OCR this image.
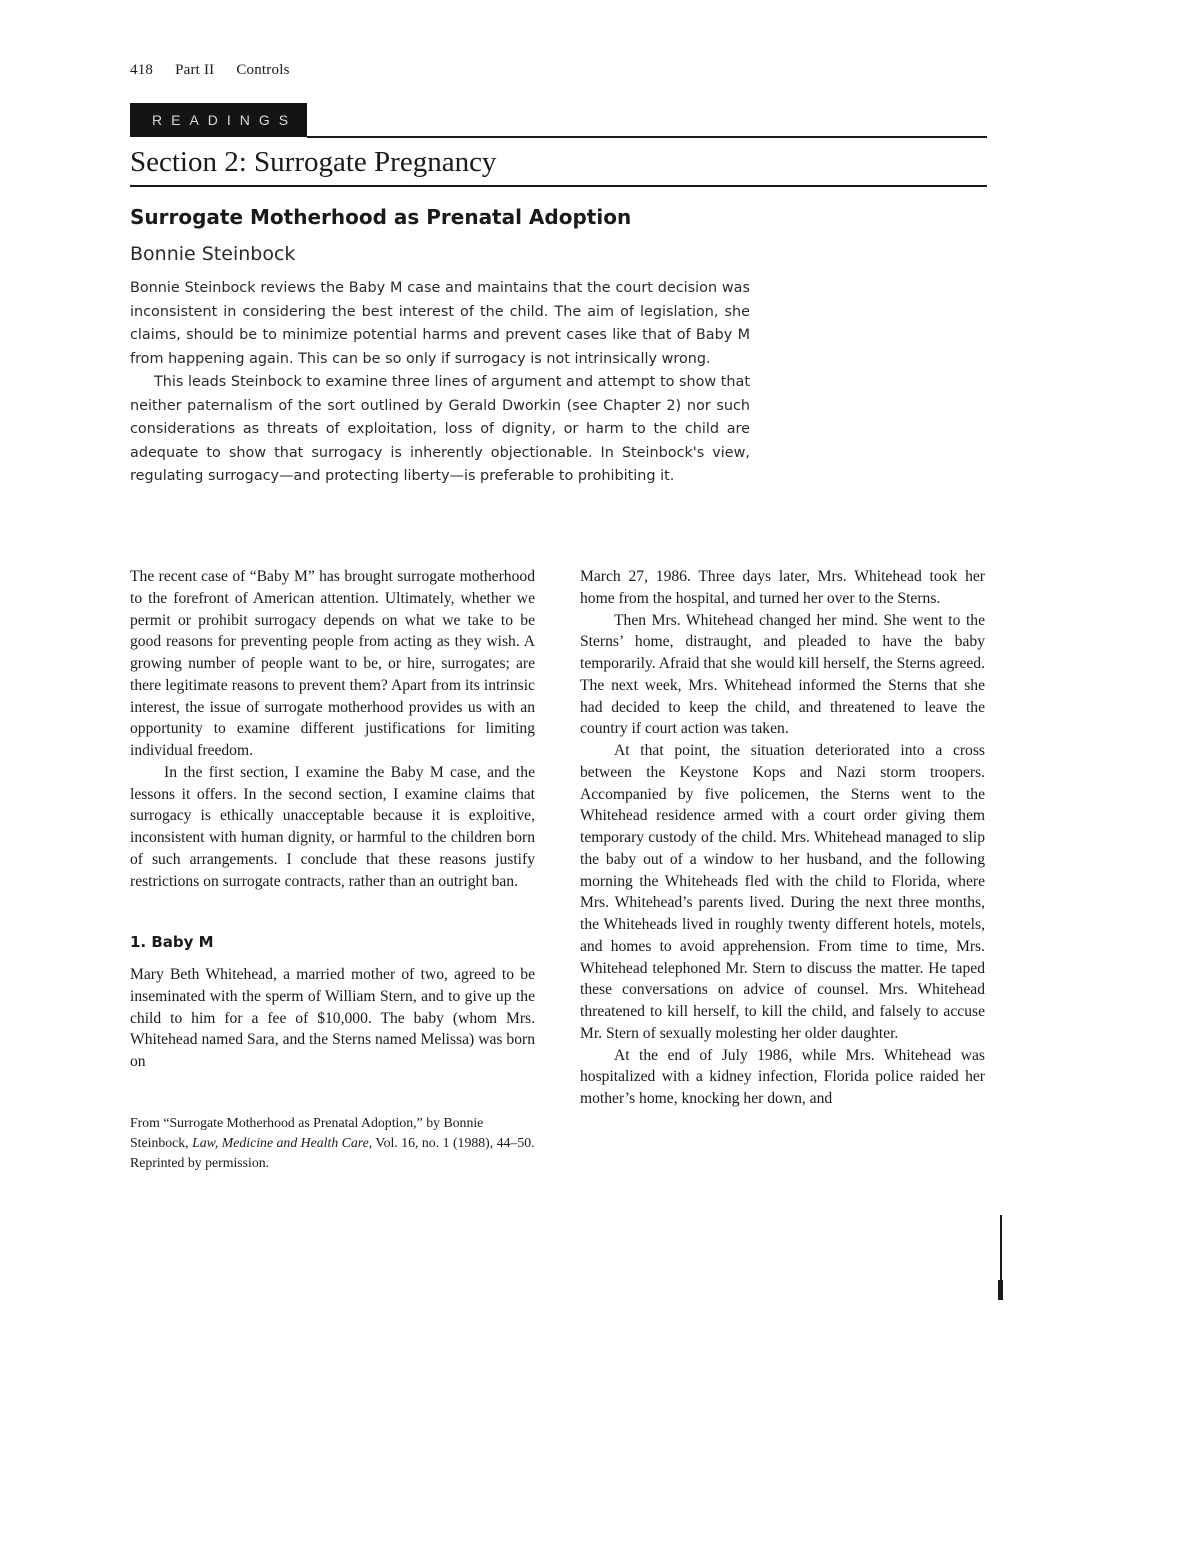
418 Part II Controls
READINGS
Section 2: Surrogate Pregnancy
Surrogate Motherhood as Prenatal Adoption
Bonnie Steinbock

Bonnie Steinbock reviews the Baby M case and maintains that the court decision was inconsistent in considering the best interest of the child. The aim of legislation, she claims, should be to minimize potential harms and prevent cases like that of Baby M from happening again. This can be so only if surrogacy is not intrinsically wrong.

This leads Steinbock to examine three lines of argument and attempt to show that neither paternalism of the sort outlined by Gerald Dworkin (see Chapter 2) nor such considerations as threats of exploitation, loss of dignity, or harm to the child are adequate to show that surrogacy is inherently objectionable. In Steinbock's view, regulating surrogacy—and protecting liberty—is preferable to prohibiting it.

The recent case of “Baby M” has brought surrogate motherhood to the forefront of American attention. Ultimately, whether we permit or prohibit surrogacy depends on what we take to be good reasons for preventing people from acting as they wish. A growing number of people want to be, or hire, surrogates; are there legitimate reasons to prevent them? Apart from its intrinsic interest, the issue of surrogate motherhood provides us with an opportunity to examine different justifications for limiting individual freedom.

In the first section, I examine the Baby M case, and the lessons it offers. In the second section, I examine claims that surrogacy is ethically unacceptable because it is exploitive, inconsistent with human dignity, or harmful to the children born of such arrangements. I conclude that these reasons justify restrictions on surrogate contracts, rather than an outright ban.

1. Baby M

Mary Beth Whitehead, a married mother of two, agreed to be inseminated with the sperm of William Stern, and to give up the child to him for a fee of $10,000. The baby (whom Mrs. Whitehead named Sara, and the Sterns named Melissa) was born on

From “Surrogate Motherhood as Prenatal Adoption,” by Bonnie Steinbock, Law, Medicine and Health Care, Vol. 16, no. 1 (1988), 44–50. Reprinted by permission.

March 27, 1986. Three days later, Mrs. Whitehead took her home from the hospital, and turned her over to the Sterns.

Then Mrs. Whitehead changed her mind. She went to the Sterns’ home, distraught, and pleaded to have the baby temporarily. Afraid that she would kill herself, the Sterns agreed. The next week, Mrs. Whitehead informed the Sterns that she had decided to keep the child, and threatened to leave the country if court action was taken.

At that point, the situation deteriorated into a cross between the Keystone Kops and Nazi storm troopers. Accompanied by five policemen, the Sterns went to the Whitehead residence armed with a court order giving them temporary custody of the child. Mrs. Whitehead managed to slip the baby out of a window to her husband, and the following morning the Whiteheads fled with the child to Florida, where Mrs. Whitehead’s parents lived. During the next three months, the Whiteheads lived in roughly twenty different hotels, motels, and homes to avoid apprehension. From time to time, Mrs. Whitehead telephoned Mr. Stern to discuss the matter. He taped these conversations on advice of counsel. Mrs. Whitehead threatened to kill herself, to kill the child, and falsely to accuse Mr. Stern of sexually molesting her older daughter.

At the end of July 1986, while Mrs. Whitehead was hospitalized with a kidney infection, Florida police raided her mother’s home, knocking her down, and
